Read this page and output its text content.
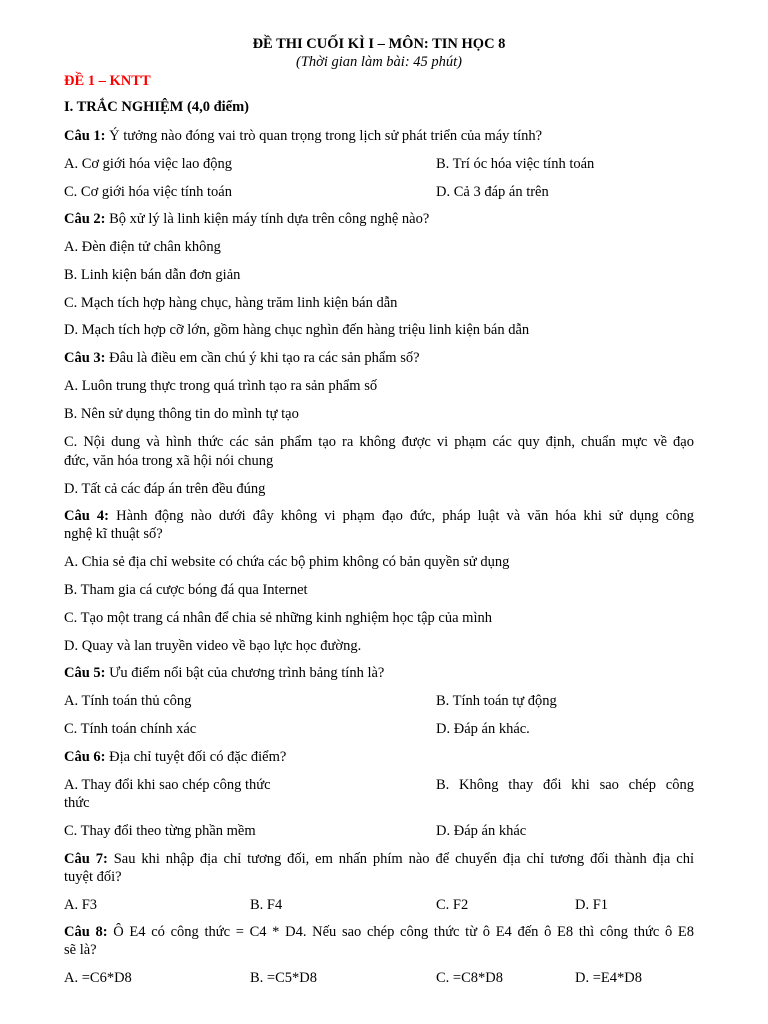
ĐỀ THI CUỐI KÌ I – MÔN: TIN HỌC 8
(Thời gian làm bài: 45 phút)
ĐỀ 1 – KNTT
I. TRẮC NGHIỆM (4,0 điểm)
Câu 1: Ý tưởng nào đóng vai trò quan trọng trong lịch sử phát triển của máy tính?
A. Cơ giới hóa việc lao động	B. Trí óc hóa việc tính toán
C. Cơ giới hóa việc tính toán	D. Cả 3 đáp án trên
Câu 2: Bộ xử lý là linh kiện máy tính dựa trên công nghệ nào?
A. Đèn điện tử chân không
B. Linh kiện bán dẫn đơn giản
C. Mạch tích hợp hàng chục, hàng trăm linh kiện bán dẫn
D. Mạch tích hợp cỡ lớn, gồm hàng chục nghìn đến hàng triệu linh kiện bán dẫn
Câu 3: Đâu là điều em cần chú ý khi tạo ra các sản phẩm số?
A. Luôn trung thực trong quá trình tạo ra sản phẩm số
B. Nên sử dụng thông tin do mình tự tạo
C. Nội dung và hình thức các sản phẩm tạo ra không được vi phạm các quy định, chuẩn mực về đạo
đức, văn hóa trong xã hội nói chung
D. Tất cả các đáp án trên đều đúng
Câu 4: Hành động nào dưới đây không vi phạm đạo đức, pháp luật và văn hóa khi sử dụng công
nghệ kĩ thuật số?
A. Chia sẻ địa chỉ website có chứa các bộ phim không có bản quyền sử dụng
B. Tham gia cá cược bóng đá qua Internet
C. Tạo một trang cá nhân để chia sẻ những kinh nghiệm học tập của mình
D. Quay và lan truyền video về bạo lực học đường.
Câu 5: Ưu điểm nổi bật của chương trình bảng tính là?
A. Tính toán thủ công	B. Tính toán tự động
C. Tính toán chính xác	D. Đáp án khác.
Câu 6: Địa chỉ tuyệt đối có đặc điểm?
A. Thay đổi khi sao chép công thức	B. Không thay đổi khi sao chép công
thức
C. Thay đổi theo từng phần mềm	D. Đáp án khác
Câu 7: Sau khi nhập địa chỉ tương đối, em nhấn phím nào để chuyển địa chỉ tương đối thành địa chỉ
tuyệt đối?
A. F3	B. F4	C. F2	D. F1
Câu 8: Ô E4 có công thức = C4 * D4. Nếu sao chép công thức từ ô E4 đến ô E8 thì công thức ô E8
sẽ là?
A. =C6*D8	B. =C5*D8	C. =C8*D8	D. =E4*D8
